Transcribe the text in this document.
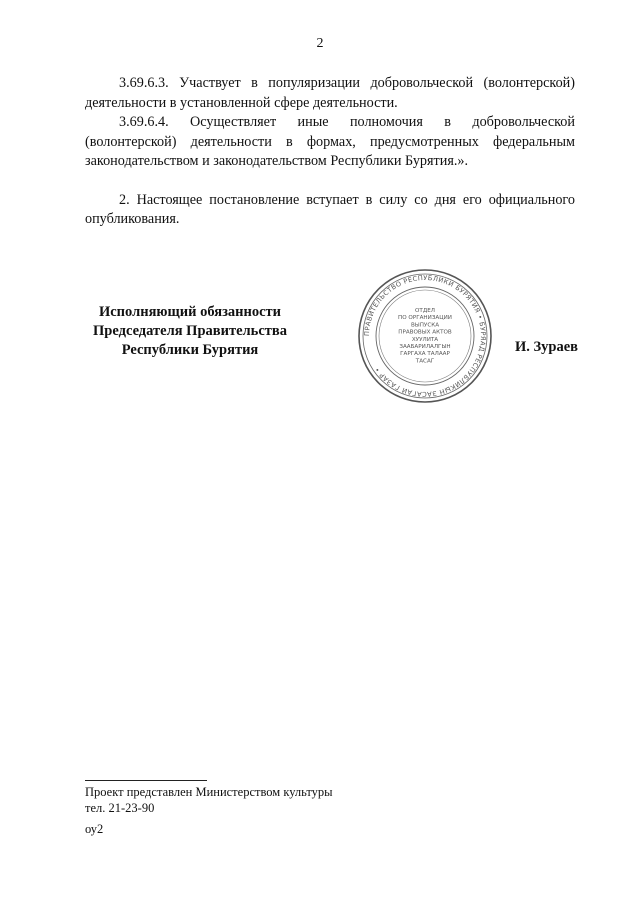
2

3.69.6.3. Участвует в популяризации добровольческой (волонтерской) деятельности в установленной сфере деятельности.

3.69.6.4. Осуществляет иные полномочия в добровольческой (волонтерской) деятельности в формах, предусмотренных федеральным законодательством и законодательством Республики Бурятия.».

2. Настоящее постановление вступает в силу со дня его официального опубликования.

Исполняющий обязанности
Председателя Правительства
Республики Бурятия
ПРАВИТЕЛЬСТВО РЕСПУБЛИКИ БУРЯТИЯ • БУРЯАД РЕСПУБЛИКЫН ЗАСАГАЙ ГАЗАР •
ОТДЕЛ
ПО ОРГАНИЗАЦИИ
ВЫПУСКА
ПРАВОВЫХ АКТОВ
ХУУЛИТА
ЗААБАРИЛАЛГЫН
ГАРГАХА ТАЛААР
ТАСАГ
И. Зураев
Проект представлен Министерством культуры
тел. 21-23-90
оу2
